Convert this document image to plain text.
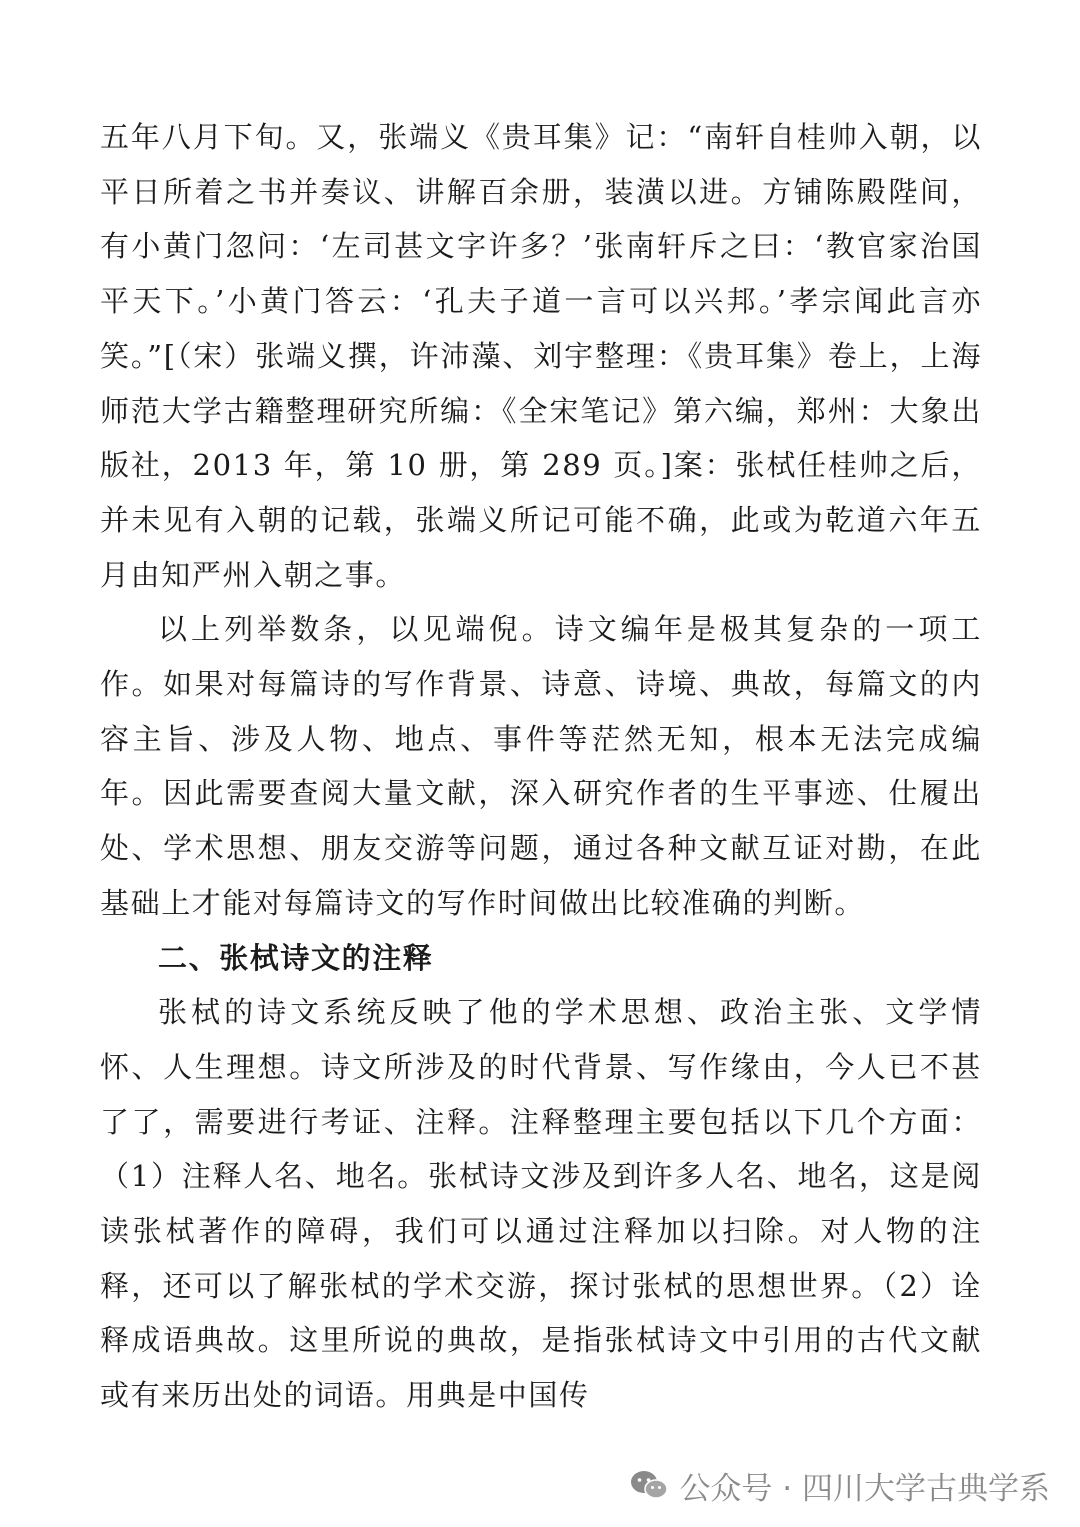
五年八月下旬。又，张端义《贵耳集》记：“南轩自桂帅入朝，以平日所着之书并奏议、讲解百余册，装潢以进。方铺陈殿陛间，有小黄门忽问：‘左司甚文字许多？’张南轩斥之曰：‘教官家治国平天下。’小黄门答云：‘孔夫子道一言可以兴邦。’孝宗闻此言亦笑。”[（宋）张端义撰，许沛藻、刘宇整理：《贵耳集》卷上，上海师范大学古籍整理研究所编：《全宋笔记》第六编，郑州：大象出版社，2013 年，第 10 册，第 289 页。]案：张栻任桂帅之后，并未见有入朝的记载，张端义所记可能不确，此或为乾道六年五月由知严州入朝之事。

以上列举数条，以见端倪。诗文编年是极其复杂的一项工作。如果对每篇诗的写作背景、诗意、诗境、典故，每篇文的内容主旨、涉及人物、地点、事件等茫然无知，根本无法完成编年。因此需要查阅大量文献，深入研究作者的生平事迹、仕履出处、学术思想、朋友交游等问题，通过各种文献互证对勘，在此基础上才能对每篇诗文的写作时间做出比较准确的判断。

二、张栻诗文的注释

张栻的诗文系统反映了他的学术思想、政治主张、文学情怀、人生理想。诗文所涉及的时代背景、写作缘由，今人已不甚了了，需要进行考证、注释。注释整理主要包括以下几个方面：（1）注释人名、地名。张栻诗文涉及到许多人名、地名，这是阅读张栻著作的障碍，我们可以通过注释加以扫除。对人物的注释，还可以了解张栻的学术交游，探讨张栻的思想世界。（2）诠释成语典故。这里所说的典故，是指张栻诗文中引用的古代文献或有来历出处的词语。用典是中国传

公众号 · 四川大学古典学系
